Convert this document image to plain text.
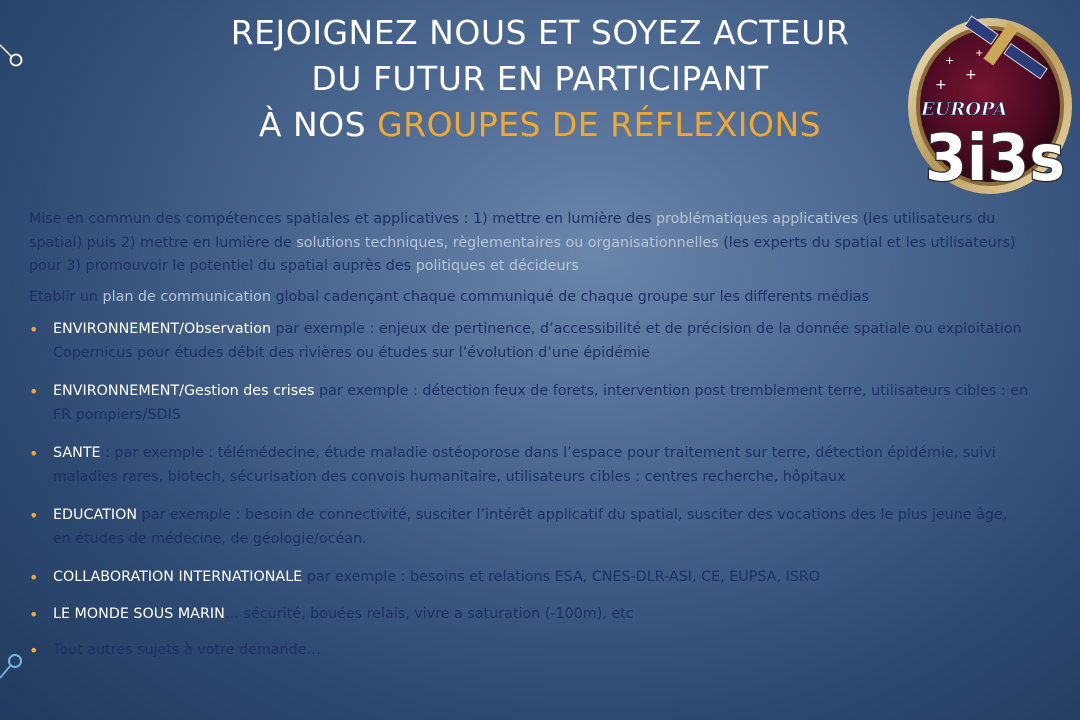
REJOIGNEZ NOUS ET SOYEZ ACTEUR
DU FUTUR EN PARTICIPANT
À NOS GROUPES DE RÉFLEXIONS
+
+
+
+
EUROPA
3i3s

Mise en commun des compétences spatiales et applicatives : 1) mettre en lumière des problématiques applicatives (les utilisateurs du spatial) puis 2) mettre en lumière de solutions techniques, règlementaires ou organisationnelles (les experts du spatial et les utilisateurs) pour 3) promouvoir le potentiel du spatial auprès des politiques et décideurs

Etablir un plan de communication global cadençant chaque communiqué de chaque groupe sur les differents médias

• ENVIRONNEMENT/Observation par exemple : enjeux de pertinence, d’accessibilité et de précision de la donnée spatiale ou exploitation Copernicus pour études débit des rivières ou études sur l’évolution d’une épidémie
• ENVIRONNEMENT/Gestion des crises par exemple : détection feux de forets, intervention post tremblement terre, utilisateurs cibles : en FR pompiers/SDIS
• SANTE : par exemple : télémédecine, étude maladie ostéoporose dans l’espace pour traitement sur terre, détection épidémie, suivi maladies rares, biotech, sécurisation des convois humanitaire, utilisateurs cibles : centres recherche, hôpitaux
• EDUCATION par exemple : besoin de connectivité, susciter l’intérêt applicatif du spatial, susciter des vocations des le plus jeune âge, en études de médecine, de géologie/océan.
• COLLABORATION INTERNATIONALE par exemple : besoins et relations ESA, CNES-DLR-ASI, CE, EUPSA, ISRO
• LE MONDE SOUS MARIN… sécurité, bouées relais, vivre a saturation (-100m), etc
• Tout autres sujets à votre demande…
